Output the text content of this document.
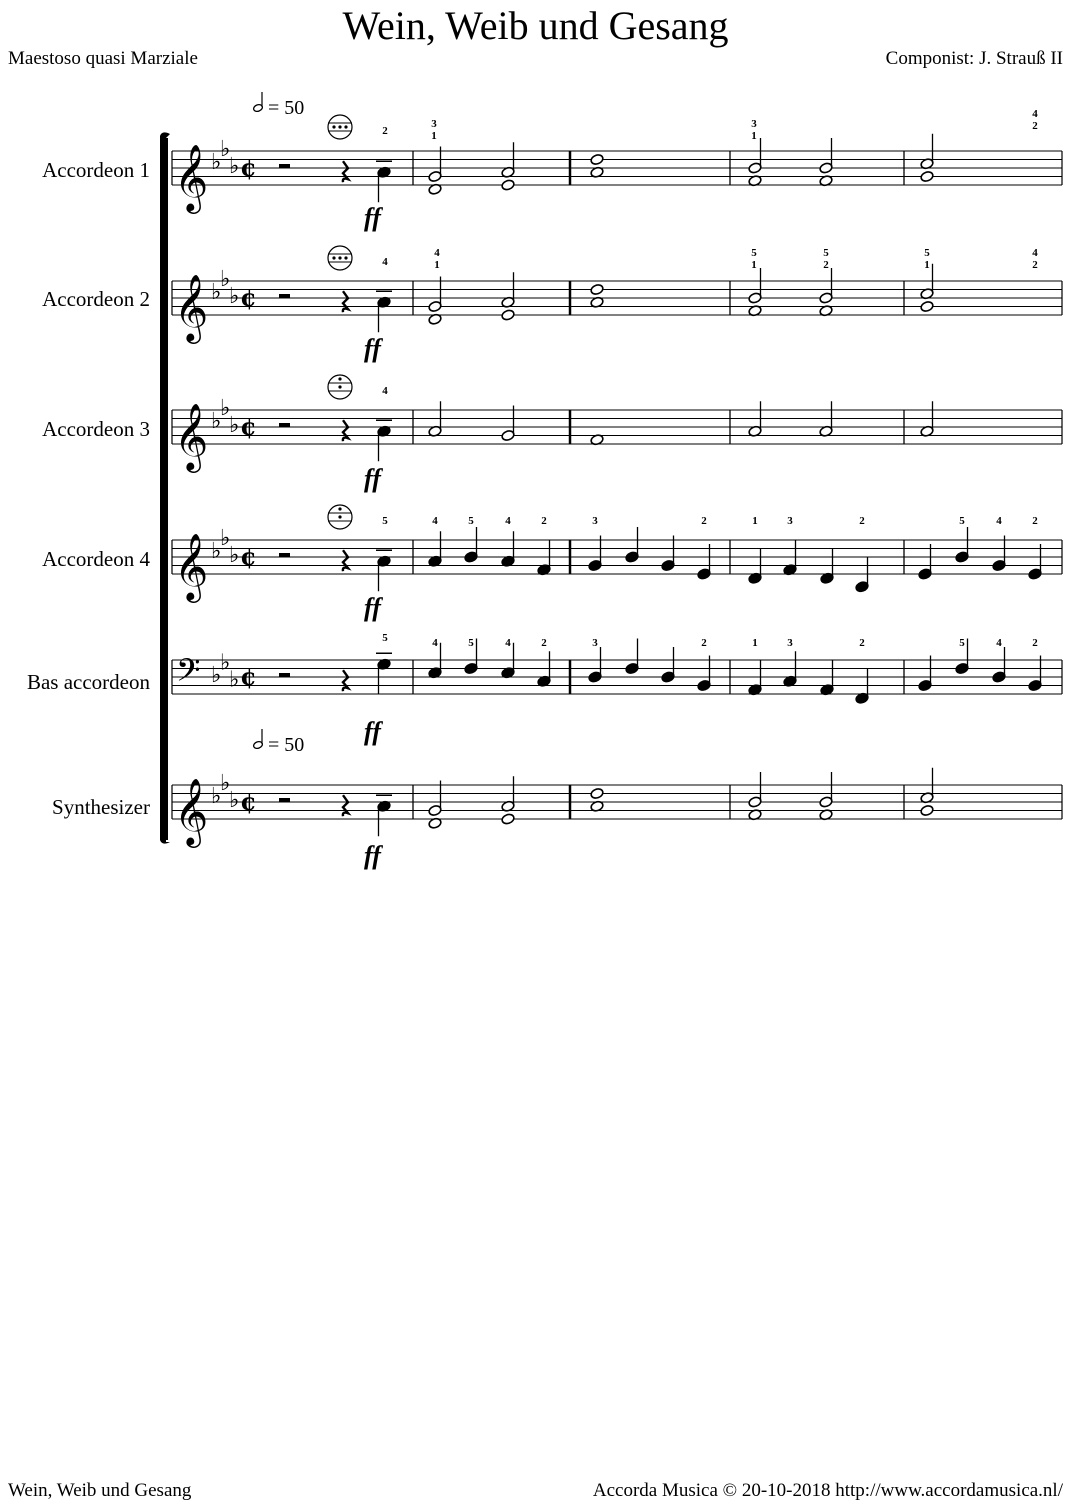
Wein, Weib und Gesang
Maestoso quasi Marziale	Componist: J. Strauß II
Accordeon 1
Accordeon 2
Accordeon 3
Accordeon 4
Bas accordeon
Synthesizer
𝄞 ♭
♭
♭ ¢
𝄞 ♭
♭
♭ ¢
𝄞 ♭
♭
♭ ¢
𝄞 ♭
♭
♭ ¢
𝄢 ♭
♭
♭ ¢
𝄞 ♭
♭
♭ ¢
= 50
= 50
ff
ff
ff
ff
ff
ff
2
3
1
3
1
4
2
4
4
1
5
1
5
2
5
1
4
2
4
5	4	5	4	2	3	2	1	3	2	5	4	2
5	4	5	4	2	3	2	1	3	2	5	4	2
Wein, Weib und Gesang	Accorda Musica © 20-10-2018 http://www.accordamusica.nl/
